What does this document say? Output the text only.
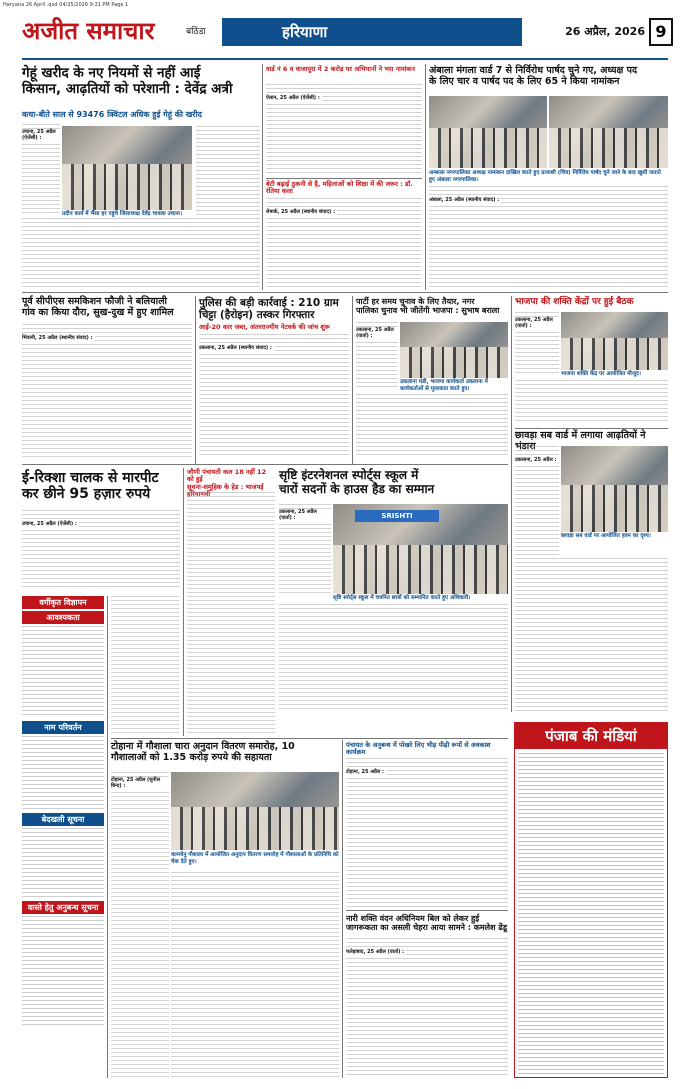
Haryana 26 April .qxd 04/25/2026 9:31 PM Page 1
अजीत समाचार	बठिंडा	हरियाणा	26 अप्रैल, 2026 9
गेहूं खरीद के नए नियमों से नहीं आई
किसान, आढ़तियों को परेशानी : देवेंद्र अत्री
कचा-बीते साल से 93476 क्विंटल अधिक हुई गेहूं की खरीद
उचाना, 25 अप्रैल (ऐजेंसी) :
प्रदीप कार्य में भैंसा हर पहुंचे जिलाध्यक्ष देवेंद्र चावला उचाना।
वार्ड नं 6 व वाजापुरा में 2 करोड़ पर अभियानों ने भरा नामांकन
ऐलान, 25 अप्रैल (ऐजेंसी) :
बेटी बढ़ाई ठुकनी से है, महिलाओं को शिक्षा में की जरूर : डॉ. रंतिया कला
रोमार्क, 25 अप्रैल (स्थानीय संवाद) :
अंबाला मंगला वार्ड 7 से निर्विरोध पार्षद चुने गए, अध्यक्ष पद
के लिए चार व पार्षद पद के लिए 65 ने किया नामांकन
अम्बाला नगरपालिका अध्यक्ष नामांकन दाखिल करते हुए प्रत्याशी (चित्र) निर्विरोध पार्षद चुने जाने के बाद खुशी जताते हुए अंबाला नगरपालिका।
अंबाला, 25 अप्रैल (स्थानीय संवाद) :
पूर्व सीपीएस समकिशन फौजी ने बलियाली
गांव का किया दौरा, सुख-दुख में हुए शामिल
भिवानी, 25 अप्रैल (स्थानीय संवाद) :
पुलिस की बड़ी कार्रवाई : 210 ग्राम
चिट्टा (हैरोइन) तस्कर गिरफ्तार
आई-20 कार जब्त, अंतरराज्यीय नेटवर्क की जांच शुरू
उकलाना, 25 अप्रैल (स्थानीय संवाद) :
पार्टी हर समय चुनाव के लिए तैयार, नगर
पालिका चुनाव भी जीतेंगी भाजपा : सुभाष बराला
उकलाना, 25 अप्रैल (वार्ता) :
उकलाना मंडी, भाजपा कार्यकर्ता उकलाना में कार्यकर्ताओं से मुलाकात करते हुए।
भाजपा की शक्ति केंद्रों पर हुई बैठक
उकलाना, 25 अप्रैल (वार्ता) :
भाजपा शक्ति केंद्र पर आयोजित मौजूद।
छावड़ा सब वार्ड में लगाया आढ़तियों ने भंडारा
उकलाना, 25 अप्रैल :
छावड़ा सब वार्ड पर आयोजित हवन का दृश्य।
ई-रिक्शा चालक से मारपीट
कर छीने 95 हज़ार रुपये
उचाना, 25 अप्रैल (ऐजेंसी) :
जौणी पंचायती कल 18 नहीं 12 को हुई
सूचना-समूहिक के हेड : भाजपई हरियाणवी
सृष्टि इंटरनेशनल स्पोर्ट्स स्कूल में
चारों सदनों के हाउस हैड का सम्मान
उकलाना, 25 अप्रैल (वार्ता) :	SRISHTI
सृष्टि स्पोर्ट्स स्कूल में चयनित छात्रों को सम्मानित करते हुए अधिकारी।
वर्गीकृत विज्ञापन
आवश्यकता
नाम परिवर्तन
बेदखली सूचना
वास्ते हेतु अनुबन्ध सूचना
टोहाना में गौशाला चारा अनुदान वितरण समारोह, 10
गौशालाओं को 1.35 करोड़ रुपये की सहायता
टोहाना, 25 अप्रैल (सुनील बिन्द) :
कामधेनु गौशाला में आयोजित अनुदान वितरण समारोह में गौशालाओं के प्रतिनिधि को चेक देते हुए।
पंचायत के अनुबन्ध में पोखरे लिए भीड़ पीढ़ी रूपों से अवकाश कार्यक्रम
टोहाना, 25 अप्रैल :
नारी शक्ति वंदन अधिनियम बिल को लेकर हुई
जागरूकता का असली चेहरा आया सामने : कमलेश ढेंडू
फतेहाबाद, 25 अप्रैल (वार्ता) :
पंजाब की मंडियां
